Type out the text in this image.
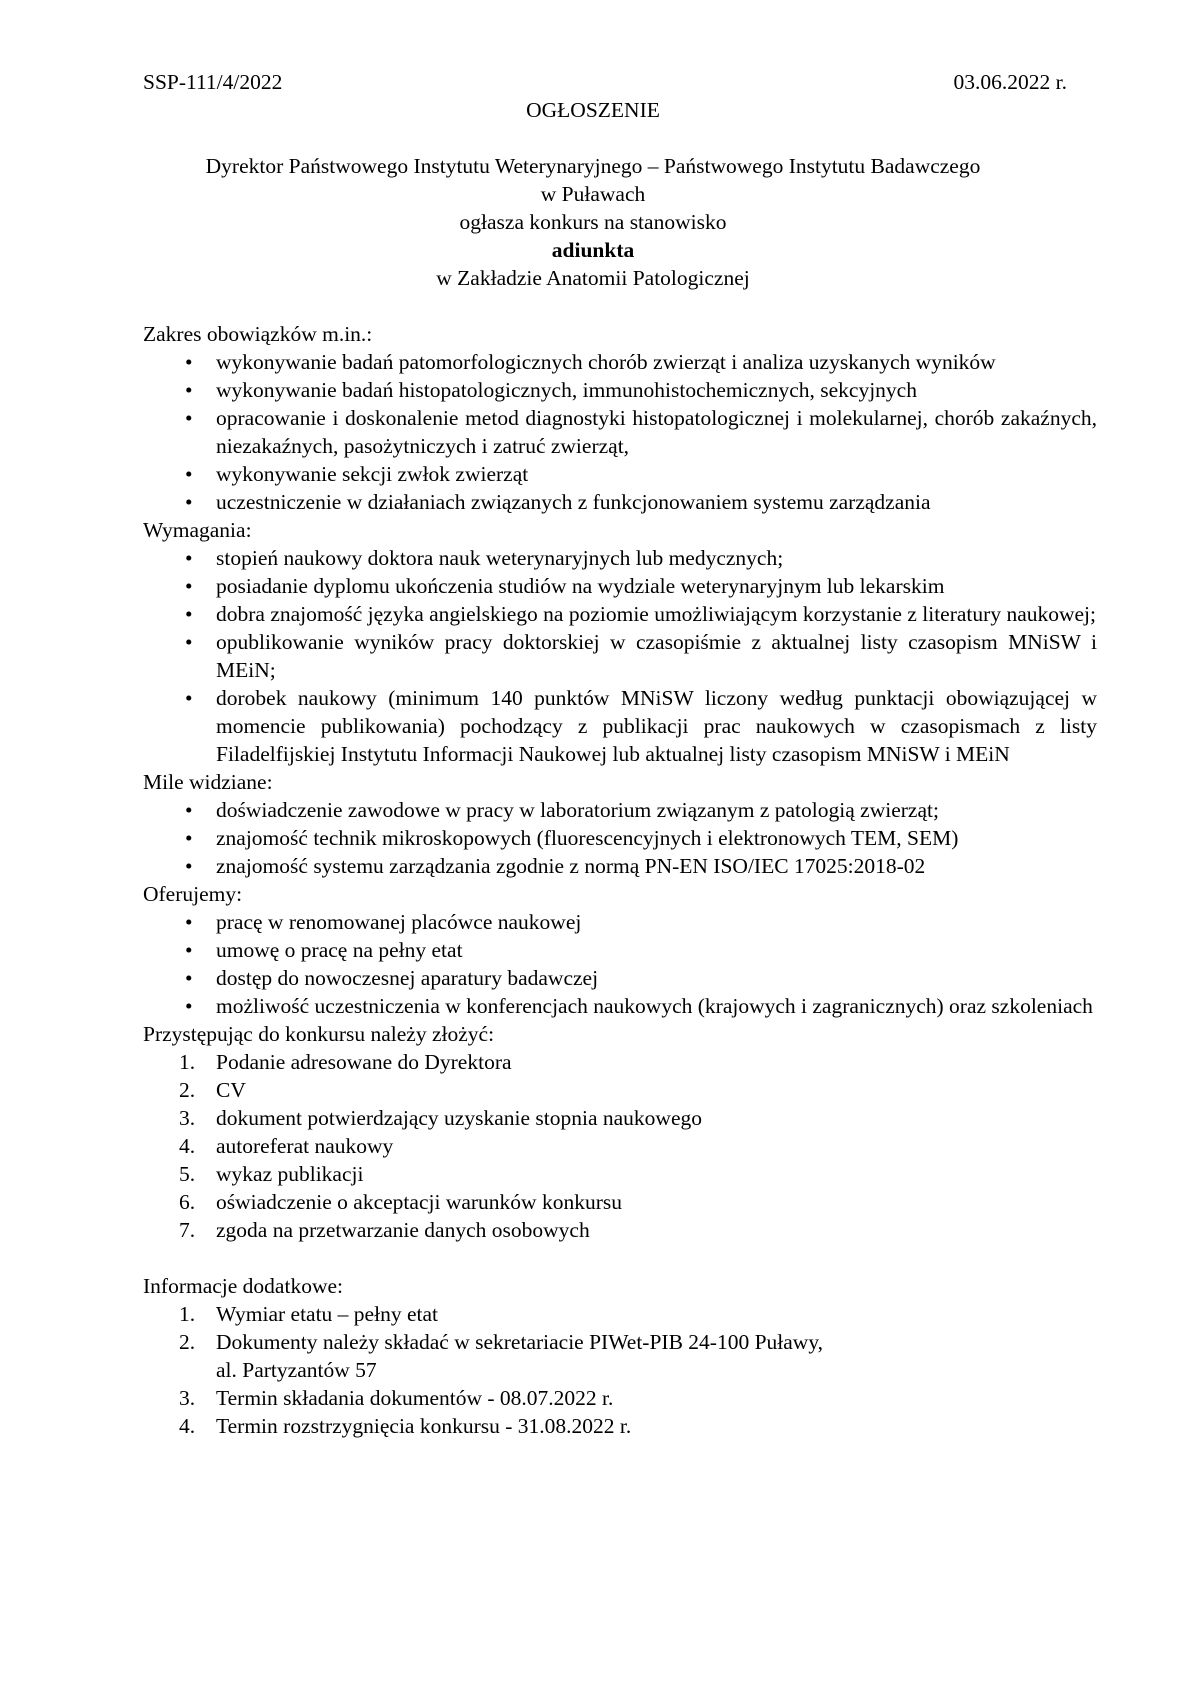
SSP-111/4/2022	03.06.2022 r.
OGŁOSZENIE
Dyrektor Państwowego Instytutu Weterynaryjnego – Państwowego Instytutu Badawczego
w Puławach
ogłasza konkurs na stanowisko
adiunkta
w Zakładzie Anatomii Patologicznej
Zakres obowiązków m.in.:
• wykonywanie badań patomorfologicznych chorób zwierząt i analiza uzyskanych wyników
• wykonywanie badań histopatologicznych, immunohistochemicznych, sekcyjnych
• opracowanie i doskonalenie metod diagnostyki histopatologicznej i molekularnej, chorób zakaźnych, niezakaźnych, pasożytniczych i zatruć zwierząt,
• wykonywanie sekcji zwłok zwierząt
• uczestniczenie w działaniach związanych z funkcjonowaniem systemu zarządzania
Wymagania:
• stopień naukowy doktora nauk weterynaryjnych lub medycznych;
• posiadanie dyplomu ukończenia studiów na wydziale weterynaryjnym lub lekarskim
• dobra znajomość języka angielskiego na poziomie umożliwiającym korzystanie z literatury naukowej;
• opublikowanie wyników pracy doktorskiej w czasopiśmie z aktualnej listy czasopism MNiSW i MEiN;
• dorobek naukowy (minimum 140 punktów MNiSW liczony według punktacji obowiązującej w momencie publikowania) pochodzący z publikacji prac naukowych w czasopismach z listy Filadelfijskiej Instytutu Informacji Naukowej lub aktualnej listy czasopism MNiSW i MEiN
Mile widziane:
• doświadczenie zawodowe w pracy w laboratorium związanym z patologią zwierząt;
• znajomość technik mikroskopowych (fluorescencyjnych i elektronowych TEM, SEM)
• znajomość systemu zarządzania zgodnie z normą PN-EN ISO/IEC 17025:2018-02
Oferujemy:
• pracę w renomowanej placówce naukowej
• umowę o pracę na pełny etat
• dostęp do nowoczesnej aparatury badawczej
• możliwość uczestniczenia w konferencjach naukowych (krajowych i zagranicznych) oraz szkoleniach
Przystępując do konkursu należy złożyć:
1. Podanie adresowane do Dyrektora
2. CV
3. dokument potwierdzający uzyskanie stopnia naukowego
4. autoreferat naukowy
5. wykaz publikacji
6. oświadczenie o akceptacji warunków konkursu
7. zgoda na przetwarzanie danych osobowych
Informacje dodatkowe:
1. Wymiar etatu – pełny etat
2. Dokumenty należy składać w sekretariacie PIWet-PIB 24-100 Puławy,
al. Partyzantów 57
3. Termin składania dokumentów - 08.07.2022 r.
4. Termin rozstrzygnięcia konkursu - 31.08.2022 r.
